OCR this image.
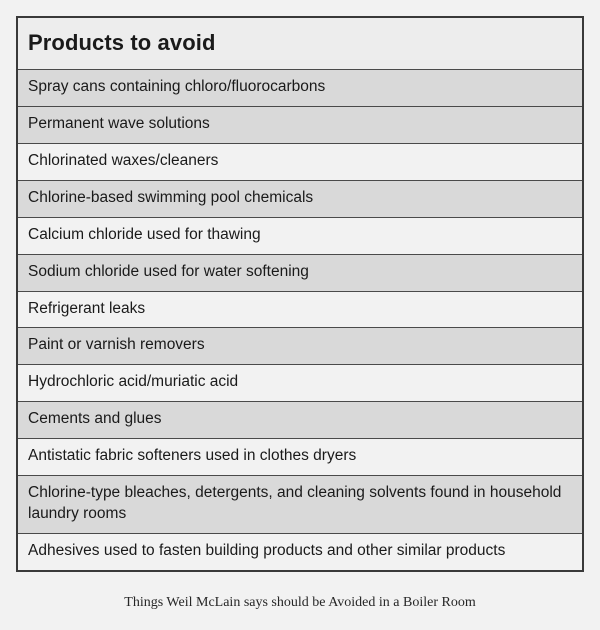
Products to avoid
Spray cans containing chloro/fluorocarbons
Permanent wave solutions
Chlorinated waxes/cleaners
Chlorine-based swimming pool chemicals
Calcium chloride used for thawing
Sodium chloride used for water softening
Refrigerant leaks
Paint or varnish removers
Hydrochloric acid/muriatic acid
Cements and glues
Antistatic fabric softeners used in clothes dryers
Chlorine-type bleaches, detergents, and cleaning solvents found in household laundry rooms
Adhesives used to fasten building products and other similar products
Things Weil McLain says should be Avoided in a Boiler Room
